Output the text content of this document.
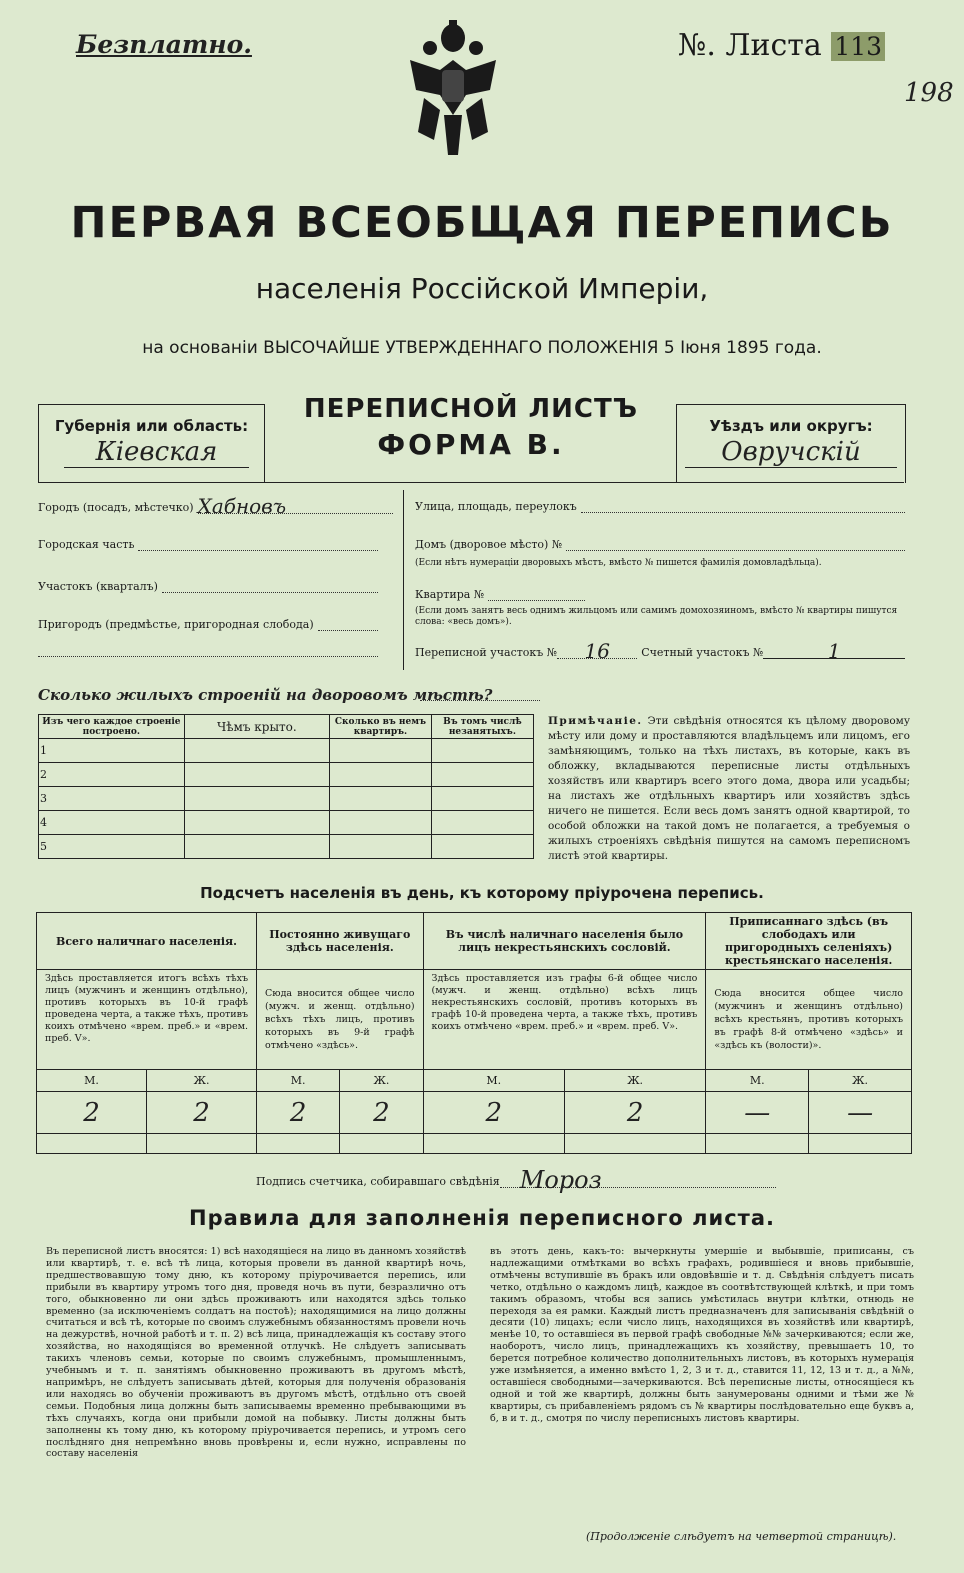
Безплатно.	№. Листа 113
198
ПЕРВАЯ ВСЕОБЩАЯ ПЕРЕПИСЬ
населенія Россійской Имперіи,
на основаніи ВЫСОЧАЙШЕ УТВЕРЖДЕННАГО ПОЛОЖЕНІЯ 5 Іюня 1895 года.
Губернія или область:
Кіевская
ПЕРЕПИСНОЙ ЛИСТЪ
ФОРМА В.
Уѣздъ или округъ:
Овручскій
Городъ (посадъ, мѣстечко) Хабновъ
Городская часть
Участокъ (кварталъ)
Пригородъ (предмѣстье, пригородная слобода)
Улица, площадь, переулокъ
Домъ (дворовое мѣсто) №
(Если нѣтъ нумераціи дворовыхъ мѣстъ, вмѣсто № пишется фамилія домовладѣльца).
Квартира №
(Если домъ занятъ весь однимъ жильцомъ или самимъ домохозяиномъ, вмѣсто № квартиры пишутся слова: «весь домъ»).
Переписной участокъ №	16	Счетный участокъ №	1
Сколько жилыхъ строеній на дворовомъ мѣстѣ?
Изъ чего каждое строеніе построено.	Чѣмъ крыто.	Сколько въ немъ квартиръ.	Въ томъ числѣ незанятыхъ.
1			
2			
3			
4			
5			
Примѣчаніе. Эти свѣдѣнія относятся къ цѣлому дворовому мѣсту или дому и проставляются владѣльцемъ или лицомъ, его замѣняющимъ, только на тѣхъ листахъ, въ которые, какъ въ обложку, вкладываются переписные листы отдѣльныхъ хозяйствъ или квартиръ всего этого дома, двора или усадьбы; на листахъ же отдѣльныхъ квартиръ или хозяйствъ здѣсь ничего не пишется. Если весь домъ занятъ одной квартирой, то особой обложки на такой домъ не полагается, а требуемыя о жилыхъ строеніяхъ свѣдѣнія пишутся на самомъ переписномъ листѣ этой квартиры.
Подсчетъ населенія въ день, къ которому пріурочена перепись.
Всего наличнаго населенія.		Постоянно живущаго здѣсь населенія.		Въ числѣ наличнаго населенія было лицъ некрестьянскихъ сословій.		Приписаннаго здѣсь (въ слободахъ или пригородныхъ селеніяхъ) крестьянскаго населенія.	
Здѣсь проставляется итогъ всѣхъ тѣхъ лицъ (мужчинъ и женщинъ отдѣльно), противъ которыхъ въ 10-й графѣ проведена черта, а также тѣхъ, противъ коихъ отмѣчено «врем. преб.» и «врем. преб. V».		Сюда вносится общее число (мужч. и женщ. отдѣльно) всѣхъ тѣхъ лицъ, противъ которыхъ въ 9-й графѣ отмѣчено «здѣсь».		Здѣсь проставляется изъ графы 6-й общее число (мужч. и женщ. отдѣльно) всѣхъ лицъ некрестьянскихъ сословій, противъ которыхъ въ графѣ 10-й проведена черта, а также тѣхъ, противъ коихъ отмѣчено «врем. преб.» и «врем. преб. V».		Сюда вносится общее число (мужчинъ и женщинъ отдѣльно) всѣхъ крестьянъ, противъ которыхъ въ графѣ 8-й отмѣчено «здѣсь» и «здѣсь къ (волости)».	
М.	Ж.	М.	Ж.	М.	Ж.	М.	Ж.
2	2	2	2	2	2	—	—

Подпись счетчика, собиравшаго свѣдѣнія Мороз
Правила для заполненія переписного листа.
Въ переписной листъ вносятся: 1) всѣ находящіеся на лицо въ данномъ хозяйствѣ или квартирѣ, т. е. всѣ тѣ лица, которыя провели въ данной квартирѣ ночь, предшествовавшую тому дню, къ которому пріурочивается перепись, или прибыли въ квартиру утромъ того дня, проведя ночь въ пути, безразлично отъ того, обыкновенно ли они здѣсь проживаютъ или находятся здѣсь только временно (за исключеніемъ солдатъ на постоѣ); находящимися на лицо должны считаться и всѣ тѣ, которые по своимъ служебнымъ обязанностямъ провели ночь на дежурствѣ, ночной работѣ и т. п. 2) всѣ лица, принадлежащія къ составу этого хозяйства, но находящіяся во временной отлучкѣ. Не слѣдуетъ записывать такихъ членовъ семьи, которые по своимъ служебнымъ, промышленнымъ, учебнымъ и т. п. занятіямъ обыкновенно проживаютъ въ другомъ мѣстѣ, напримѣръ, не слѣдуетъ записывать дѣтей, которыя для полученія образованія или находясь во обученіи проживаютъ въ другомъ мѣстѣ, отдѣльно отъ своей семьи. Подобныя лица должны быть записываемы временно пребывающими въ тѣхъ случаяхъ, когда они прибыли домой на побывку. Листы должны быть заполнены къ тому дню, къ которому пріурочивается перепись, и утромъ сего послѣдняго дня непремѣнно вновь провѣрены и, если нужно, исправлены по составу населенія
въ этотъ день, какъ-то: вычеркнуты умершіе и выбывшіе, приписаны, съ надлежащими отмѣтками во всѣхъ графахъ, родившіеся и вновь прибывшіе, отмѣчены вступившіе въ бракъ или овдовѣвшіе и т. д. Свѣдѣнія слѣдуетъ писать четко, отдѣльно о каждомъ лицѣ, каждое въ соотвѣтствующей клѣткѣ, и при томъ такимъ образомъ, чтобы вся запись умѣстилась внутри клѣтки, отнюдь не переходя за ея рамки. Каждый листъ предназначенъ для записыванія свѣдѣній о десяти (10) лицахъ; если число лицъ, находящихся въ хозяйствѣ или квартирѣ, менѣе 10, то оставшіеся въ первой графѣ свободные №№ зачеркиваются; если же, наоборотъ, число лицъ, принадлежащихъ къ хозяйству, превышаетъ 10, то берется потребное количество дополнительныхъ листовъ, въ которыхъ нумерація уже измѣняется, а именно вмѣсто 1, 2, 3 и т. д., ставится 11, 12, 13 и т. д., а №№, оставшіеся свободными—зачеркиваются. Всѣ переписные листы, относящіеся къ одной и той же квартирѣ, должны быть занумерованы одними и тѣми же № квартиры, съ прибавленіемъ рядомъ съ № квартиры послѣдовательно еще буквъ а, б, в и т. д., смотря по числу переписныхъ листовъ квартиры.
(Продолженіе слѣдуетъ на четвертой страницѣ).
